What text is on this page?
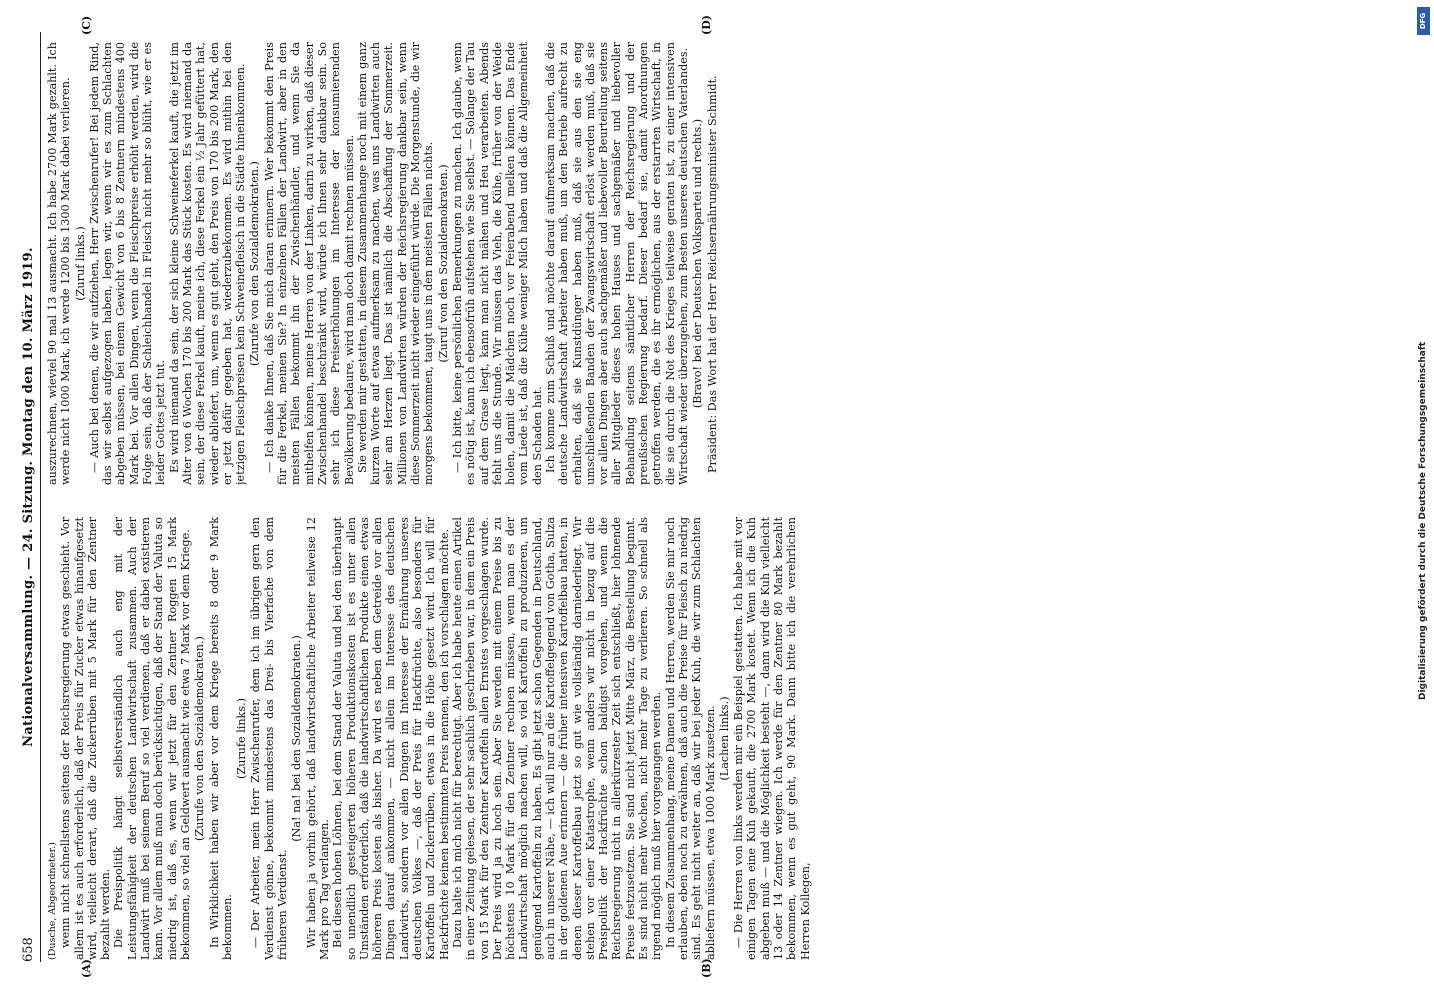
658
Nationalversammlung. — 24. Sitzung. Montag den 10. März 1919.

(Dusche, Abgeordneter.) wenn nicht schnellstens seitens der Reichsregierung etwas geschieht. Vor allem ist es auch erforderlich, daß der Preis für Zucker etwas hinaufgesetzt wird, vielleicht derart, daß die Zuckerrüben mit 5 Mark für den Zentner bezahlt werden. Die Preispolitik hängt selbstverständlich auch eng mit der Leistungsfähigkeit der deutschen Landwirtschaft zusammen. Auch der Landwirt muß bei seinem Beruf so viel verdienen, daß er dabei existieren kann. Vor allem muß man doch berücksichtigen, daß der Stand der Valuta so niedrig ist, daß es, wenn wir jetzt für den Zentner Roggen 15 Mark bekommen, so viel an Geldwert ausmacht wie etwa 7 Mark vor dem Kriege. (Zurufe von den Sozialdemokraten.) In Wirklichkeit haben wir aber vor dem Kriege bereits 8 oder 9 Mark bekommen.

(Zurufe links.) — Der Arbeiter, mein Herr Zwischenrufer, dem ich im übrigen gern den Verdienst gönne, bekommt mindestens das Drei- bis Vierfache von dem früheren Verdienst.

(Na! na! bei den Sozialdemokraten.) Wir haben ja vorhin gehört, daß landwirtschaftliche Arbeiter teilweise 12 Mark pro Tag verlangen. Bei diesen hohen Löhnen, bei dem Stand der Valuta und bei den überhaupt so unendlich gesteigerten höheren Produktionskosten ist es unter allen Umständen erforderlich, daß die landwirtschaftlichen Produkte einen etwas höheren Preis kosten als bisher. Da wird es neben dem Getreide vor allen Dingen darauf ankommen, — nicht allein im Interesse des deutschen Landwirts, sondern vor allen Dingen im Interesse der Ernährung unseres deutschen Volkes —, daß der Preis für Hackfrüchte, also besonders für Kartoffeln und Zuckerrüben, etwas in die Höhe gesetzt wird. Ich will für Hackfrüchte keinen bestimmten Preis nennen, den ich vorschlagen möchte. Dazu halte ich mich nicht für berechtigt. Aber ich habe heute einen Artikel in einer Zeitung gelesen, der sehr sachlich geschrieben war, in dem ein Preis von 15 Mark für den Zentner Kartoffeln allen Ernstes vorgeschlagen wurde. Der Preis wird ja zu hoch sein. Aber Sie werden mit einem Preise bis zu höchstens 10 Mark für den Zentner rechnen müssen, wenn man es der Landwirtschaft möglich machen will, so viel Kartoffeln zu produzieren, um genügend Kartoffeln zu haben. Es gibt jetzt schon Gegenden in Deutschland, auch in unserer Nähe, — ich will nur an die Kartoffelgegend von Gotha, Sulza in der goldenen Aue erinnern — die früher intensiven Kartoffelbau hatten, in denen dieser Kartoffelbau jetzt so gut wie vollständig darniederliegt. Wir stehen vor einer Katastrophe, wenn anders wir nicht in bezug auf die Preispolitik der Hackfrüchte schon baldigst vorgehen, und wenn die Reichsregierung nicht in allerkürzester Zeit sich entschließt, hier lohnende Preise festzusetzen. Sie sind nicht jetzt Mitte März, die Bestellung beginnt. Es sind nicht mehr Wochen, nicht mehr Tage zu verlieren. So schnell als irgend möglich muß hier vorgegangen werden. In diesem Zusammenhang, meine Damen und Herren, werden Sie mir noch erlauben, eben noch zu erwähnen, daß auch die Preise für Fleisch zu niedrig sind. Es geht nicht weiter an, daß wir bei jeder Kuh, die wir zum Schlachten abliefern müssen, etwa 1000 Mark zusetzen. (Lachen links.) — Die Herren von links werden mir ein Beispiel gestatten. Ich habe mit vor einigen Tagen eine Kuh gekauft, die 2700 Mark kostet. Wenn ich die Kuh abgeben muß — und die Möglichkeit besteht —, dann wird die Kuh vielleicht 13 oder 14 Zentner wiegen. Ich werde für den Zentner 80 Mark bezahlt bekommen, wenn es gut geht, 90 Mark. Dann bitte ich die verehrlichen Herren Kollegen,

auszurechnen, wieviel 90 mal 13 ausmacht. Ich habe 2700 Mark gezahlt. Ich werde nicht 1000 Mark, ich werde 1200 bis 1300 Mark dabei verlieren. (Zuruf links.) — Auch bei denen, die wir aufziehen, Herr Zwischenrufer! Bei jedem Rind, das wir selbst aufgezogen haben, legen wir, wenn wir es zum Schlachten abgeben müssen, bei einem Gewicht von 6 bis 8 Zentnern mindestens 400 Mark bei. Vor allen Dingen, wenn die Fleischpreise erhöht werden, wird die Folge sein, daß der Schleichhandel in Fleisch nicht mehr so blüht, wie er es leider Gottes jetzt tut. Es wird niemand da sein, der sich kleine Schweineferkel kauft, die jetzt im Alter von 6 Wochen 170 bis 200 Mark das Stück kosten. Es wird niemand da sein, der diese Ferkel kauft, meine ich, diese Ferkel ein ½ Jahr gefüttert hat, wieder abliefert, um, wenn es gut geht, den Preis von 170 bis 200 Mark, den er jetzt dafür gegeben hat, wiederzubekommen. Es wird mithin bei den jetzigen Fleischpreisen kein Schweinefleisch in die Städte hineinkommen. (Zurufe von den Sozialdemokraten.) — Ich danke Ihnen, daß Sie mich daran erinnern. Wer bekommt den Preis für die Ferkel, meinen Sie? In einzelnen Fällen der Landwirt, aber in den meisten Fällen bekommt ihn der Zwischenhändler, und wenn Sie da mithelfen können, meine Herren von der Linken, darin zu wirken, daß dieser Zwischenhandel beschränkt wird, würde ich Ihnen sehr dankbar sein. So sehr ich diese Preiserhöhungen im Interesse der konsumierenden Bevölkerung bedaure, wird man doch damit rechnen müssen. Sie werden mir gestatten, in diesem Zusammenhange noch mit einem ganz kurzen Worte auf etwas aufmerksam zu machen, was uns Landwirten auch sehr am Herzen liegt. Das ist nämlich die Abschaffung der Sommerzeit. Millionen von Landwirten würden der Reichsregierung dankbar sein, wenn diese Sommerzeit nicht wieder eingeführt würde. Die Morgenstunde, die wir morgens bekommen, taugt uns in den meisten Fällen nichts. (Zuruf von den Sozialdemokraten.) — Ich bitte, keine persönlichen Bemerkungen zu machen. Ich glaube, wenn es nötig ist, kann ich ebensofrüh aufstehen wie Sie selbst. — Solange der Tau auf dem Grase liegt, kann man nicht mähen und Heu verarbeiten. Abends fehlt uns die Stunde. Wir müssen das Vieh, die Kühe, früher von der Weide holen, damit die Mädchen noch vor Feierabend melken können. Das Ende vom Liede ist, daß die Kühe weniger Milch haben und daß die Allgemeinheit den Schaden hat. Ich komme zum Schluß und möchte darauf aufmerksam machen, daß die deutsche Landwirtschaft Arbeiter haben muß, um den Betrieb aufrecht zu erhalten, daß sie Kunstdünger haben muß, daß sie aus den sie eng umschließenden Banden der Zwangswirtschaft erlöst werden muß, daß sie vor allen Dingen aber auch sachgemäßer und liebevoller Beurteilung seitens aller Mitglieder dieses hohen Hauses und sachgemäßer und liebevoller Behandlung seitens sämtlicher Herren der Reichsregierung und der preußischen Regierung bedarf. Dieser bedarf sie, damit Anordnungen getroffen werden, die es ihr ermöglichen, aus der erstarrten Wirtschaft, in die sie durch die Not des Krieges teilweise geraten ist, zu einer intensiven Wirtschaft wieder überzugehen, zum Besten unseres deutschen Vaterlandes. (Bravo! bei der Deutschen Volkspartei und rechts.) Präsident: Das Wort hat der Herr Reichsernährungsminister Schmidt.

(A)	(B)
(C)	(D)	DFG
Digitalisierung gefördert durch die Deutsche Forschungsgemeinschaft
